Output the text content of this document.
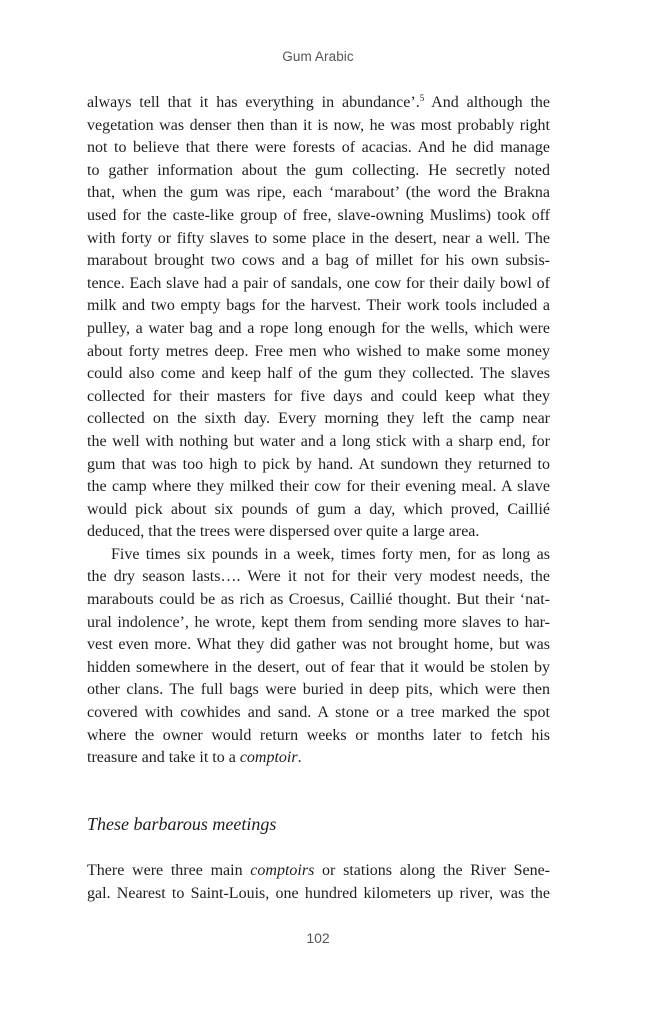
Gum Arabic
always tell that it has everything in abundance’.$^5$ And although the
vegetation was denser then than it is now, he was most probably right
not to believe that there were forests of acacias. And he did manage
to gather information about the gum collecting. He secretly noted
that, when the gum was ripe, each ‘marabout’ (the word the Brakna
used for the caste-like group of free, slave-owning Muslims) took off
with forty or fifty slaves to some place in the desert, near a well. The
marabout brought two cows and a bag of millet for his own subsis-
tence. Each slave had a pair of sandals, one cow for their daily bowl of
milk and two empty bags for the harvest. Their work tools included a
pulley, a water bag and a rope long enough for the wells, which were
about forty metres deep. Free men who wished to make some money
could also come and keep half of the gum they collected. The slaves
collected for their masters for five days and could keep what they
collected on the sixth day. Every morning they left the camp near
the well with nothing but water and a long stick with a sharp end, for
gum that was too high to pick by hand. At sundown they returned to
the camp where they milked their cow for their evening meal. A slave
would pick about six pounds of gum a day, which proved, Caillié
deduced, that the trees were dispersed over quite a large area.
Five times six pounds in a week, times forty men, for as long as
the dry season lasts…. Were it not for their very modest needs, the
marabouts could be as rich as Croesus, Caillié thought. But their ‘nat-
ural indolence’, he wrote, kept them from sending more slaves to har-
vest even more. What they did gather was not brought home, but was
hidden somewhere in the desert, out of fear that it would be stolen by
other clans. The full bags were buried in deep pits, which were then
covered with cowhides and sand. A stone or a tree marked the spot
where the owner would return weeks or months later to fetch his
treasure and take it to a comptoir.
These barbarous meetings
There were three main comptoirs or stations along the River Sene-
gal. Nearest to Saint-Louis, one hundred kilometers up river, was the
102
